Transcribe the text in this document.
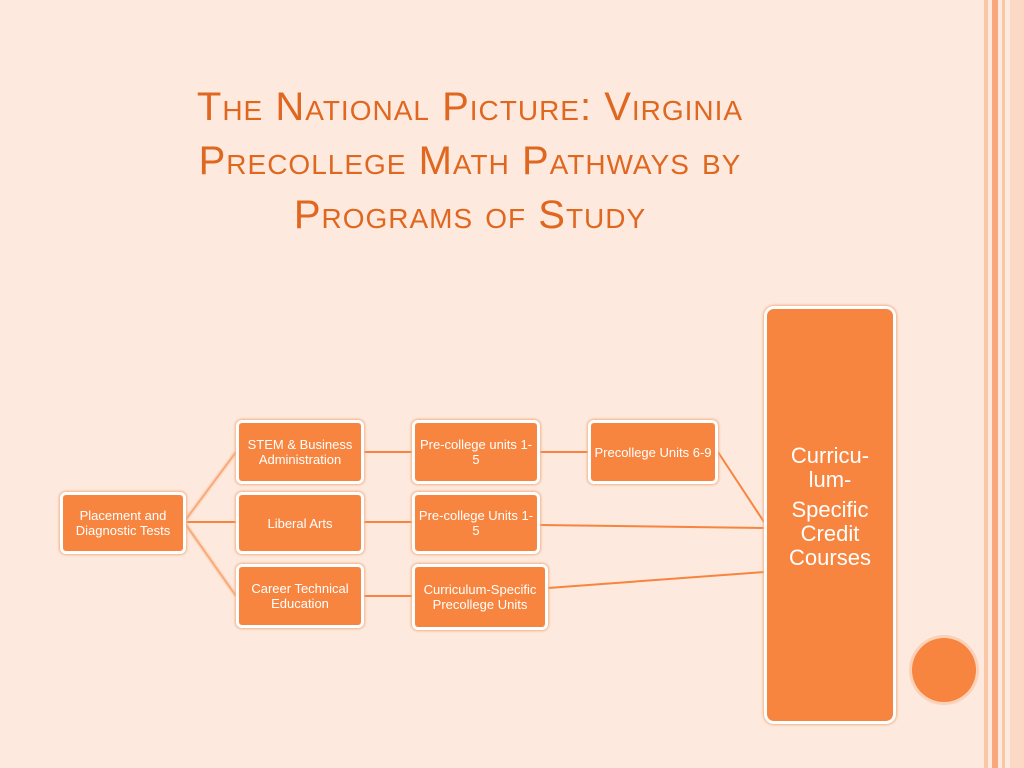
The National Picture: Virginia Precollege Math Pathways by Programs of Study
Placement and Diagnostic Tests
STEM & Business Administration
Liberal Arts
Career Technical Education
Pre-college units 1-5
Pre-college Units 1-5
Curriculum-Specific Precollege Units
Precollege Units 6-9	Curricu-lum-
Specific Credit Courses
